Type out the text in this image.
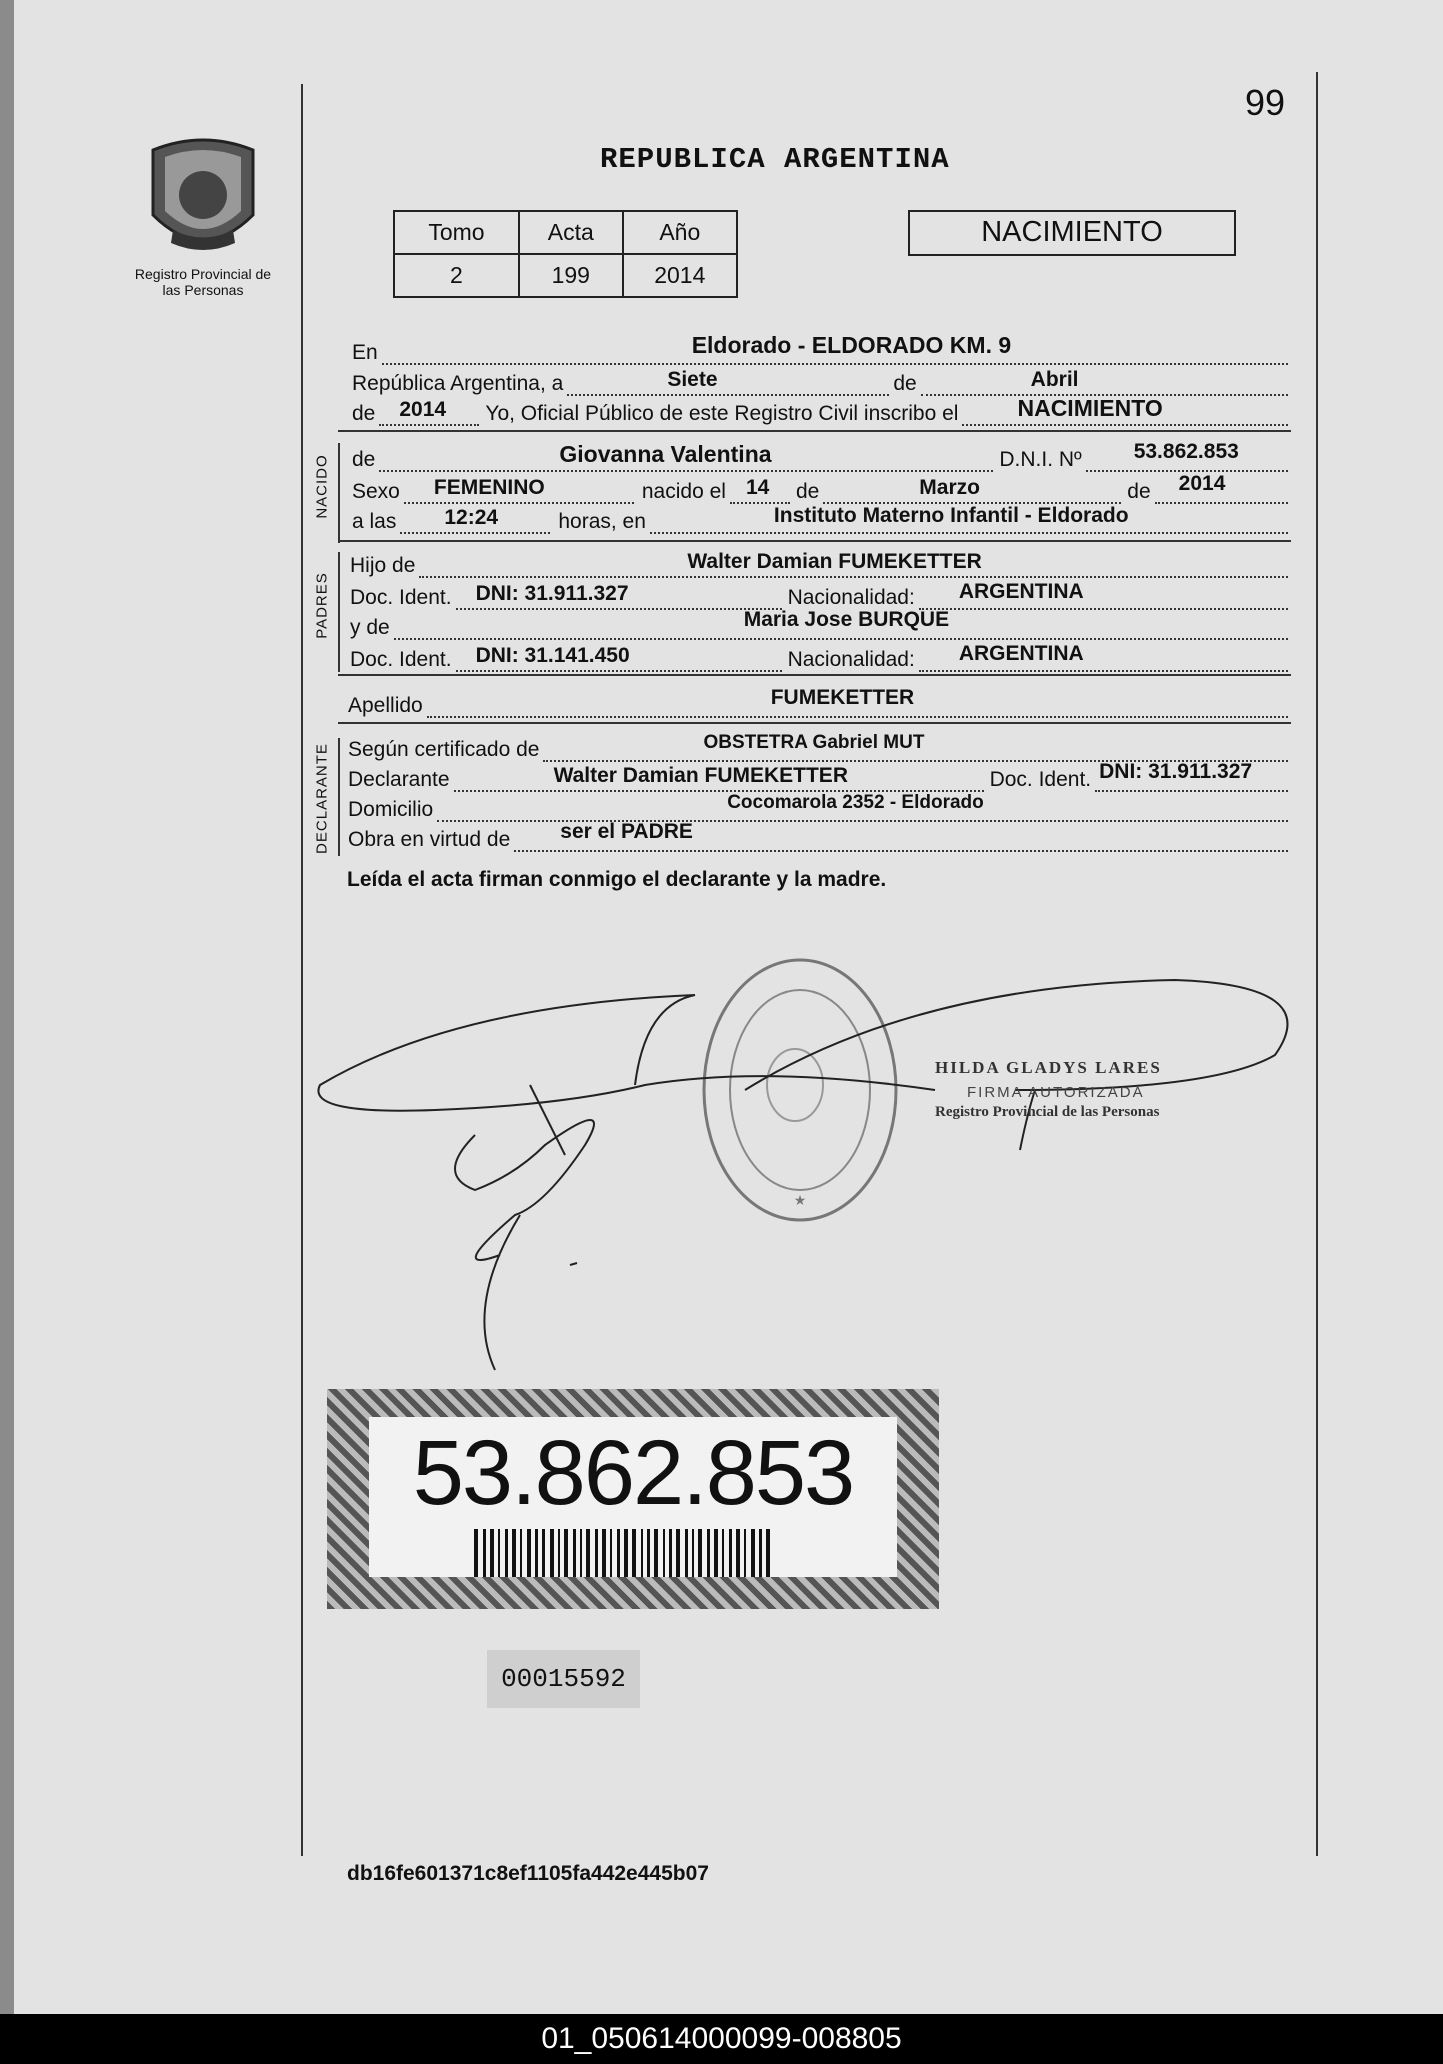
99
Registro Provincial de las Personas
REPUBLICA ARGENTINA
Tomo	Acta	Año
2	199	2014
NACIMIENTO
En	Eldorado - ELDORADO KM. 9
República Argentina, a	Siete	de	Abril
de 2014 Yo, Oficial Público de este Registro Civil inscribo el	NACIMIENTO
NACIDO de	Giovanna Valentina	D.N.I. Nº 53.862.853
Sexo FEMENINO	nacido el 14 de	Marzo	de 2014
a las 12:24	horas, en	Instituto Materno Infantil - Eldorado
PADRES
Hijo de	Walter Damian FUMEKETTER
Doc. Ident. DNI: 31.911.327	Nacionalidad: ARGENTINA
y de	Maria Jose BURQUE
Doc. Ident. DNI: 31.141.450	Nacionalidad: ARGENTINA
Apellido	FUMEKETTER
DECLARANTE Según certificado de	OBSTETRA Gabriel MUT
Declarante	Walter Damian FUMEKETTER	Doc. Ident. DNI: 31.911.327
Domicilio	Cocomarola 2352 - Eldorado
Obra en virtud de ser el PADRE
Leída el acta firman conmigo el declarante y la madre.
★
HILDA GLADYS LARES
FIRMA AUTORIZADA
Registro Provincial de las Personas
53.862.853
00015592
db16fe601371c8ef1105fa442e445b07
01_050614000099-008805
